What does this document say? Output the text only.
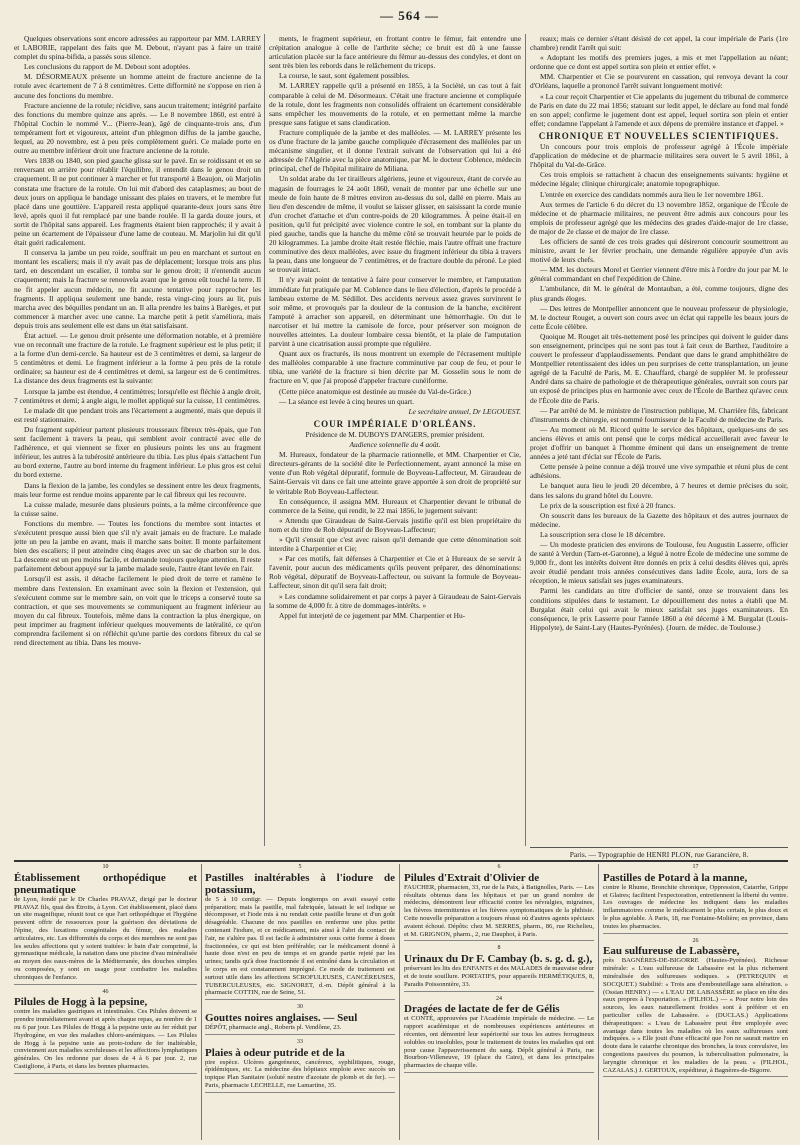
— 564 —

Quelques observations sont encore adressées au rapporteur par MM. LARREY et LABORIE, rappelant des faits que M. Debout, n'ayant pas à faire un traité complet du spina-bifida, a passés sous silence.

Les conclusions du rapport de M. Debout sont adoptées.

M. DÉSORMEAUX présente un homme atteint de fracture ancienne de la rotule avec écartement de 7 à 8 centimètres. Cette difformité ne s'oppose en rien à aucune des fonctions du membre.

Fracture ancienne de la rotule; récidive, sans aucun traitement; intégrité parfaite des fonctions du membre quinze ans après. — Le 8 novembre 1860, est entré à l'hôpital Cochin le nommé V... (Pierre-Jean), âgé de cinquante-trois ans, d'un tempérament fort et vigoureux, atteint d'un phlegmon diffus de la jambe gauche, lequel, au 20 novembre, est à peu près complètement guéri. Ce malade porte en outre au membre inférieur droit une fracture ancienne de la rotule.

Vers 1838 ou 1840, son pied gauche glissa sur le pavé. En se roidissant et en se renversant en arrière pour rétablir l'équilibre, il entendit dans le genou droit un craquement. Il ne put continuer à marcher et fut transporté à Beaujon, où Marjolin constata une fracture de la rotule. On lui mit d'abord des cataplasmes; au bout de deux jours on appliqua le bandage unissant des plaies en travers, et le membre fut placé dans une gouttière. L'appareil resta appliqué quarante-deux jours sans être levé, après quoi il fut remplacé par une bande roulée. Il la garda douze jours, et sortit de l'hôpital sans appareil. Les fragments étaient bien rapprochés; il y avait à peine un écartement de l'épaisseur d'une lame de couteau. M. Marjolin lui dit qu'il était guéri radicalement.

Il conserva la jambe un peu roide, souffrait un peu en marchant et surtout en montant les escaliers; mais il n'y avait pas de déplacement; lorsque trois ans plus tard, en descendant un escalier, il tomba sur le genou droit; il n'entendit aucun craquement; mais la fracture se renouvela avant que le genou eût touché la terre. Il ne fit appeler aucun médecin, ne fit aucune tentative pour rapprocher les fragments. Il appliqua seulement une bande, resta vingt-cinq jours au lit, puis marcha avec des béquilles pendant un an. Il alla prendre les bains à Barèges, et put commencer à marcher avec une canne. La marche petit à petit s'améliora, mais depuis trois ans seulement elle est dans un état satisfaisant.

État actuel. — Le genou droit présente une déformation notable, et à première vue on reconnaît une fracture de la rotule. Le fragment supérieur est le plus petit; il a la forme d'un demi-cercle. Sa hauteur est de 3 centimètres et demi, sa largeur de 5 centimètres et demi. Le fragment inférieur a la forme à peu près de la rotule ordinaire; sa hauteur est de 4 centimètres et demi, sa largeur est de 6 centimètres. La distance des deux fragments est la suivante:

Lorsque la jambe est étendue, 4 centimètres; lorsqu'elle est fléchie à angle droit, 7 centimètres et demi; à angle aigu, le mollet appliqué sur la cuisse, 11 centimètres.

Le malade dit que pendant trois ans l'écartement a augmenté, mais que depuis il est resté stationnaire.

Du fragment supérieur partent plusieurs trousseaux fibreux très-épais, que l'on sent facilement à travers la peau, qui semblent avoir contracté avec elle de l'adhérence, et qui viennent se fixer en plusieurs points les uns au fragment inférieur, les autres à la tubérosité antérieure du tibia. Les plus épais s'attachent l'un au bord externe, l'autre au bord interne du fragment inférieur. Le plus gros est celui du bord externe.

Dans la flexion de la jambe, les condyles se dessinent entre les deux fragments, mais leur forme est rendue moins apparente par le cal fibreux qui les recouvre.

La cuisse malade, mesurée dans plusieurs points, a la même circonférence que la cuisse saine.

Fonctions du membre. — Toutes les fonctions du membre sont intactes et s'exécutent presque aussi bien que s'il n'y avait jamais eu de fracture. Le malade jette un peu la jambe en avant, mais il marche sans boiter. Il monte parfaitement bien des escaliers; il peut atteindre cinq étages avec un sac de charbon sur le dos. La descente est un peu moins facile, et demande toujours quelque attention. Il reste parfaitement debout appuyé sur la jambe malade seule, l'autre étant levée en l'air.

Lorsqu'il est assis, il détache facilement le pied droit de terre et ramène le membre dans l'extension. En examinant avec soin la flexion et l'extension, qui s'exécutent comme sur le membre sain, on voit que le triceps a conservé toute sa contraction, et que ses mouvements se communiquent au fragment inférieur au moyen du cal fibreux. Toutefois, même dans la contraction la plus énergique, on peut imprimer au fragment inférieur quelques mouvements de latéralité, ce qu'on comprendra facilement si on réfléchit qu'une partie des cordons fibreux du cal se rend directement au tibia. Dans les mouve-

ments, le fragment supérieur, en frottant contre le fémur, fait entendre une crépitation analogue à celle de l'arthrite sèche; ce bruit est dû à une fausse articulation placée sur la face antérieure du fémur au-dessus des condyles, et dont on sent très bien les rebords dans le relâchement du triceps.

La course, le saut, sont également possibles.

M. LARREY rappelle qu'il a présenté en 1855, à la Société, un cas tout à fait comparable à celui de M. Désormeaux. C'était une fracture ancienne et compliquée de la rotule, dont les fragments non consolidés offraient un écartement considérable sans empêcher les mouvements de la rotule, et en permettant même la marche presque sans fatigue et sans claudication.

Fracture compliquée de la jambe et des malléoles. — M. LARREY présente les os d'une fracture de la jambe gauche compliquée d'écrasement des malléoles par un mécanisme singulier, et il donne l'extrait suivant de l'observation qui lui a été adressée de l'Algérie avec la pièce anatomique, par M. le docteur Coblence, médecin principal, chef de l'hôpital militaire de Miliana.

Un soldat arabe du 1er tirailleurs algériens, jeune et vigoureux, étant de corvée au magasin de fourrages le 24 août 1860, venait de monter par une échelle sur une meule de foin haute de 8 mètres environ au-dessus du sol, dallé en pierre. Mais au lieu d'en descendre de même, il voulut se laisser glisser, en saisissant la corde munie d'un crochet d'attache et d'un contre-poids de 20 kilogrammes. À peine était-il en position, qu'il fut précipité avec violence contre le sol, en tombant sur la plante du pied gauche, tandis que la hanche du même côté se trouvait heurtée par le poids de 20 kilogrammes. La jambe droite était restée fléchie, mais l'autre offrait une fracture comminutive des deux malléoles, avec issue du fragment inférieur du tibia à travers la peau, dans une longueur de 7 centimètres, et de fracture double du péroné. Le pied se trouvait intact.

Il n'y avait point de tentative à faire pour conserver le membre, et l'amputation immédiate fut pratiquée par M. Coblence dans le lieu d'élection, d'après le procédé à lambeau externe de M. Sédillot. Des accidents nerveux assez graves survinrent le soir même, et provoqués par la douleur de la contusion de la hanche, excitèrent l'amputé à arracher son appareil, en déterminant une hémorrhagie. On dut le narcotiser et lui mettre la camisole de force, pour préserver son moignon de nouvelles atteintes. La douleur lombaire cessa bientôt, et la plaie de l'amputation parvint à une cicatrisation aussi prompte que régulière.

Quant aux os fracturés, ils nous montrent un exemple de l'écrasement multiple des malléoles comparable à une fracture comminutive par coup de feu, et pour le tibia, une variété de la fracture si bien décrite par M. Gosselin sous le nom de fracture en V, que j'ai proposé d'appeler fracture cunéiforme.

(Cette pièce anatomique est destinée au musée du Val-de-Grâce.)

— La séance est levée à cinq heures un quart.

Le secrétaire annuel, Dr LEGOUEST.

COUR IMPÉRIALE D'ORLÉANS.

Présidence de M. DUBOYS D'ANGERS, premier président.

Audience solennelle du 4 août.

M. Hureaux, fondateur de la pharmacie rationnelle, et MM. Charpentier et Cie, directeurs-gérants de la société dite le Perfectionnement, ayant annoncé la mise en vente d'un Rob végétal dépuratif, formule de Boyveau-Laffecteur, M. Giraudeau de Saint-Gervais vit dans ce fait une atteinte grave apportée à son droit de propriété sur le véritable Rob Boyveau-Laffecteur.

En conséquence, il assigna MM. Hureaux et Charpentier devant le tribunal de commerce de la Seine, qui rendit, le 22 mai 1856, le jugement suivant:

« Attendu que Giraudeau de Saint-Gervais justifie qu'il est bien propriétaire du nom et du titre de Rob dépuratif de Boyveau-Laffecteur;

» Qu'il s'ensuit que c'est avec raison qu'il demande que cette dénomination soit interdite à Charpentier et Cie;

» Par ces motifs, fait défenses à Charpentier et Cie et à Hureaux de se servir à l'avenir, pour aucun des médicaments qu'ils peuvent préparer, des dénominations: Rob végétal, dépuratif de Boyveau-Laffecteur, ou suivant la formule de Boyveau-Laffecteur, sinon dit qu'il sera fait droit;

» Les condamne solidairement et par corps à payer à Giraudeau de Saint-Gervais la somme de 4,000 fr. à titre de dommages-intérêts. »

Appel fut interjeté de ce jugement par MM. Charpentier et Hu-

reaux; mais ce dernier s'étant désisté de cet appel, la cour impériale de Paris (1re chambre) rendit l'arrêt qui suit:

« Adoptant les motifs des premiers juges, a mis et met l'appellation au néant; ordonne que ce dont est appel sortira son plein et entier effet. »

MM. Charpentier et Cie se pourvurent en cassation, qui renvoya devant la cour d'Orléans, laquelle a prononcé l'arrêt suivant longuement motivé:

« La cour reçoit Charpentier et Cie appelants du jugement du tribunal de commerce de Paris en date du 22 mai 1856; statuant sur ledit appel, le déclare au fond mal fondé en son appel; confirme le jugement dont est appel, lequel sortira son plein et entier effet; condamne l'appelant à l'amende et aux dépens de première instance et d'appel. »

CHRONIQUE ET NOUVELLES SCIENTIFIQUES.

Un concours pour trois emplois de professeur agrégé à l'École impériale d'application de médecine et de pharmacie militaires sera ouvert le 5 avril 1861, à l'hôpital du Val-de-Grâce.

Ces trois emplois se rattachent à chacun des enseignements suivants: hygiène et médecine légale; clinique chirurgicale; anatomie topographique.

L'entrée en exercice des candidats nommés aura lieu le 1er novembre 1861.

Aux termes de l'article 6 du décret du 13 novembre 1852, organique de l'École de médecine et de pharmacie militaires, ne peuvent être admis aux concours pour les emplois de professeur agrégé que les médecins des grades d'aide-major de 1re classe, de major de 2e classe et de major de 1re classe.

Les officiers de santé de ces trois grades qui désireront concourir soumettront au ministre, avant le 1er février prochain, une demande régulière appuyée d'un avis motivé de leurs chefs.

— MM. les docteurs Morel et Gerrier viennent d'être mis à l'ordre du jour par M. le général commandant en chef l'expédition de Chine.

L'ambulance, dit M. le général de Montauban, a été, comme toujours, digne des plus grands éloges.

— Des lettres de Montpellier annoncent que le nouveau professeur de physiologie, M. le docteur Rouget, a ouvert son cours avec un éclat qui rappelle les beaux jours de cette École célèbre.

Quoique M. Rouget ait très-nettement posé les principes qui doivent le guider dans son enseignement, principes qui ne sont pas tout à fait ceux de Barthez, l'auditoire a couvert le professeur d'applaudissements. Pendant que dans le grand amphithéâtre de Montpellier retentissaient des idées un peu surprises de cette transplantation, un jeune agrégé de la Faculté de Paris, M. E. Chauffard, chargé de suppléer M. le professeur André dans sa chaire de pathologie et de thérapeutique générales, ouvrait son cours par un exposé de principes plus en harmonie avec ceux de l'École de Barthez qu'avec ceux de l'École dite de Paris.

— Par arrêté de M. le ministre de l'instruction publique, M. Charrière fils, fabricant d'instruments de chirurgie, est nommé fournisseur de la Faculté de médecine de Paris.

— Au moment où M. Ricord quitte le service des hôpitaux, quelques-uns de ses anciens élèves et amis ont pensé que le corps médical accueillerait avec faveur le projet d'offrir un banquet à l'homme éminent qui dans un enseignement de trente années a jeté tant d'éclat sur l'École de Paris.

Cette pensée à peine connue a déjà trouvé une vive sympathie et réuni plus de cent adhésions.

Le banquet aura lieu le jeudi 20 décembre, à 7 heures et demie précises du soir, dans les salons du grand hôtel du Louvre.

Le prix de la souscription est fixé à 20 francs.

On souscrit dans les bureaux de la Gazette des hôpitaux et des autres journaux de médecine.

La souscription sera close le 18 décembre.

— Un modeste praticien des environs de Toulouse, feu Augustin Lasserre, officier de santé à Verdun (Tarn-et-Garonne), a légué à notre École de médecine une somme de 9,000 fr., dont les intérêts doivent être donnés en prix à celui desdits élèves qui, après avoir étudié pendant trois années consécutives dans ladite École, aura, lors de sa réception, le mieux satisfait ses juges examinateurs.

Parmi les candidats au titre d'officier de santé, onze se trouvaient dans les conditions stipulées dans le testament. Le dépouillement des notes a établi que M. Burgalat était celui qui avait le mieux satisfait ses juges examinateurs. En conséquence, le prix Lasserre pour l'année 1860 a été décerné à M. Burgalat (Louis-Hippolyte), de Saint-Lary (Hautes-Pyrénées). (Journ. de médec. de Toulouse.)

Paris. — Typographie de HENRI PLON, rue Garancière, 8.
10
Établissement orthopédique et pneumatique
de Lyon, fondé par le Dr Charles PRAVAZ, dirigé par le docteur PRAVAZ fils, quai des Étroits, à Lyon. Cet établissement, placé dans un site magnifique, réunit tout ce que l'art orthopédique et l'hygiène peuvent offrir de ressources pour la guérison des déviations de l'épine, des luxations congénitales du fémur, des maladies articulaires, etc. Les difformités du corps et des membres ne sont pas les seules affections qui y soient traitées: le bain d'air comprimé, la gymnastique médicale, la natation dans une piscine d'eau minéralisée au moyen des eaux-mères de la Méditerranée, des douches simples ou composées, y sont en usage pour combattre les maladies chroniques de l'enfance.
46
Pilules de Hogg à la pepsine,
contre les maladies gastriques et intestinales. Ces Pilules doivent se prendre immédiatement avant et après chaque repas, au nombre de 1 ou 6 par jour. Les Pilules de Hogg à la pepsine unie au fer réduit par l'hydrogène, en vue des maladies chloro-anémiques. — Les Pilules de Hogg à la pepsine unie au proto-iodure de fer inaltérable, conviennent aux maladies scrofuleuses et les affections lymphatiques générales. On les ordonne par doses de 4 à 6 par jour. 2, rue Castiglione, à Paris, et dans les bonnes pharmacies.
5
Pastilles inaltérables à l'iodure de potassium,
de 5 à 10 centigr. — Depuis longtemps on avait essayé cette préparation; mais la pastille, mal fabriquée, laissait le sel iodique se décomposer, et l'iode mis à nu rendait cette pastille brune et d'un goût désagréable. Chacune de nos pastilles en renferme une plus petite contenant l'iodure, et ce médicament, mis ainsi à l'abri du contact de l'air, ne s'altère pas. Il est facile à administrer sous cette forme à doses fractionnées, ce qui est bien préférable; car le médicament donné à haute dose n'est en peu de temps et en grande partie rejeté par les urines; tandis qu'à dose fractionnée il est entraîné dans la circulation et le corps en est constamment imprégné. Ce mode de traitement est surtout utile dans les affections SCROFULEUSES, CANCÉREUSES, TUBERCULEUSES, etc. SIGNORET, d.-m. Dépôt général à la pharmacie COTTIN, rue de Seine, 51.
30
Gouttes noires anglaises. — Seul
DÉPÔT, pharmacie angl., Roberts pl. Vendôme, 23.
33
Plaies à odeur putride et de la
pire espèce. Ulcères gangréneux, cancéreux, syphilitiques, rouge, épidémiques, etc. La médecine des hôpitaux emploie avec succès un topique Plan Sanitaire (soluté neutre d'azotate de plomb et de fer). — Paris, pharmacie LECHELLE, rue Lamartine, 35.
6
Pilules d'Extrait d'Olivier de
FAUCHER, pharmacien, 33, rue de la Paix, à Batignolles, Paris. — Les résultats obtenus dans les hôpitaux et par un grand nombre de médecins, démontrent leur efficacité contre les névralgies, migraines, les fièvres intermittentes et les fièvres symptomatiques de la phthisie. Cette nouvelle préparation a toujours réussi où d'autres agents spéciaux avaient échoué. Dépôts: chez M. SERRES, pharm., 86, rue Richelieu, et M. GRIGNON, pharm., 2, rue Dauphot, à Paris.
8
Urinaux du Dr F. Cambay (b. s. g. d. g.),
préservant les lits des ENFANTS et des MALADES de mauvaise odeur et de toute souillure. PORTATIFS, pour appareils HERMÉTIQUES, 8, Paradis Poissonnière, 33.
24
Dragées de lactate de fer de Gélis
et CONTÉ, approuvées par l'Académie impériale de médecine. — Le rapport académique et de nombreuses expériences antérieures et récentes, ont démontré leur supériorité sur tous les autres ferrugineux solubles ou insolubles, pour le traitement de toutes les maladies qui ont pour cause l'appauvrissement du sang. Dépôt général à Paris, rue Bourbon-Villeneuve, 19 (place du Caire), et dans les principales pharmacies de chaque ville.
17
Pastilles de Potard à la manne,
contre le Rhume, Bronchite chronique, Oppression, Catarrhe, Grippe et Glaires; facilitent l'expectoration, entretiennent la liberté du ventre. Les ouvrages de médecine les indiquent dans les maladies inflammatoires comme le médicament le plus certain, le plus doux et le plus agréable. À Paris, 18, rue Fontaine-Molière; en province, dans toutes les pharmacies.
26
Eau sulfureuse de Labassère,
près BAGNÈRES-DE-BIGORRE (Hautes-Pyrénées). Richesse minérale: « L'eau sulfureuse de Labassère est la plus richement minéralisée des sulfureuses sodiques. » (PETREQUIN et SOCQUET.) Stabilité: « Trois ans d'embouteillage sans altération. » (Ossian HENRY.) — « L'EAU DE LABASSÈRE se place en tête des eaux propres à l'exportation. » (FILHOL.) — « Pour notre loin des sources, les eaux naturellement froides sont à préférer et en particulier celles de Labassère. » (DUCLAS.) Applications thérapeutiques: « L'eau de Labassère peut être employée avec avantage dans toutes les maladies où les eaux sulfureuses sont indiquées. » « Elle jouit d'une efficacité que l'on ne saurait mettre en doute dans le catarrhe chronique des bronches, la toux convulsive, les congestions passives du poumon, la tuberculisation pulmonaire, la laryngite chronique et les maladies de la peau. » (FILHOL, CAZALAS.) J. GERTOUX, expéditeur, à Bagnères-de-Bigorre.
